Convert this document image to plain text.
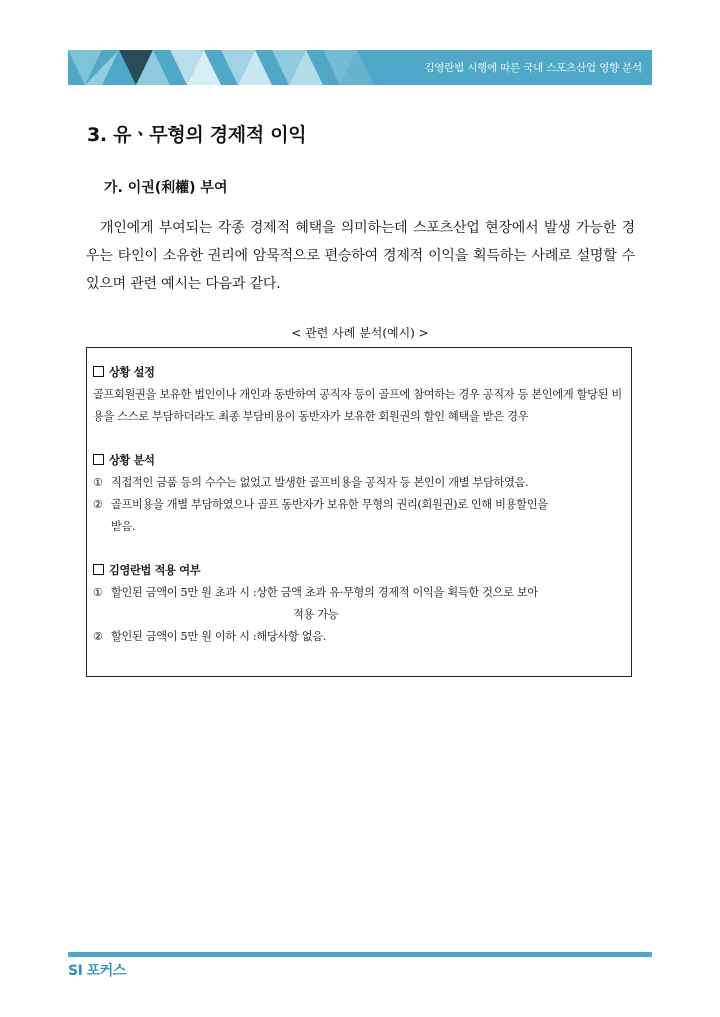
김영란법 시행에 따른 국내 스포츠산업 영향 분석
3. 유ㆍ무형의 경제적 이익
가. 이권(利權) 부여
개인에게 부여되는 각종 경제적 혜택을 의미하는데 스포츠산업 현장에서 발생 가능한 경우는 타인이 소유한 권리에 암묵적으로 편승하여 경제적 이익을 획득하는 사례로 설명할 수 있으며 관련 예시는 다음과 같다.
< 관련 사례 분석(예시) >
상황 설정
골프회원권을 보유한 법인이나 개인과 동반하여 공직자 등이 골프에 참여하는 경우 공직자 등 본인에게 할당된 비용을 스스로 부담하더라도 최종 부담비용이 동반자가 보유한 회원권의 할인 혜택을 받은 경우
상황 분석
① 직접적인 금품 등의 수수는 없었고 발생한 골프비용을 공직자 등 본인이 개별 부담하였음.
② 골프비용을 개별 부담하였으나 골프 동반자가 보유한 무형의 권리(회원권)로 인해 비용할인을
받음.
김영란법 적용 여부
① 할인된 금액이 5만 원 초과 시 : 상한 금액 초과 유·무형의 경제적 이익을 획득한 것으로 보아
적용 가능
② 할인된 금액이 5만 원 이하 시 : 해당사항 없음.
SI 포커스
